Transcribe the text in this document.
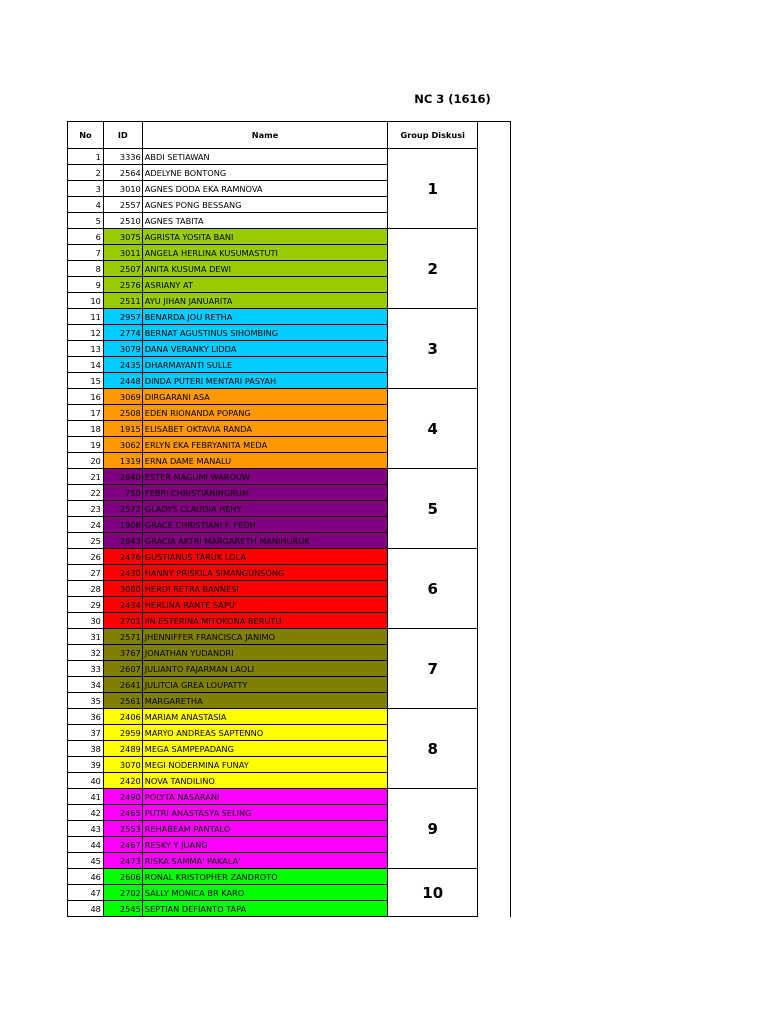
NC 3 (1616)
No	ID	Name	Group Diskusi	
1	3336	ABDI SETIAWAN	1	
2	2564	ADELYNE BONTONG		
3	3010	AGNES DODA EKA RAMNOVA		
4	2557	AGNES PONG BESSANG		
5	2510	AGNES TABITA		
6	3075	AGRISTA YOSITA BANI	2	
7	3011	ANGELA HERLINA KUSUMASTUTI		
8	2507	ANITA KUSUMA DEWI		
9	2576	ASRIANY AT		
10	2511	AYU JIHAN JANUARITA		
11	2957	BENARDA JOU RETHA	3	
12	2774	BERNAT AGUSTINUS SIHOMBING		
13	3079	DANA VERANKY LIDDA		
14	2435	DHARMAYANTI SULLE		
15	2448	DINDA PUTERI MENTARI PASYAH		
16	3069	DIRGARANI ASA	4	
17	2508	EDEN RIONANDA POPANG		
18	1915	ELISABET OKTAVIA RANDA		
19	3062	ERLYN EKA FEBRYANITA MEDA		
20	1319	ERNA DAME MANALU		
21	2640	ESTER MAGUMI WAROUW	5	
22	750	FEBRI CHRISTIANINGRUM		
23	2572	GLADYS CLAUDIA HEHY		
24	1908	GRACE CHRISTIANI F. FEOH		
25	2643	GRACIA AKTRI MARGARETH MANIHURUK		
26	2476	GUSTIANUS TARUK LOLA	6	
27	2430	HANNY PRISKILA SIMANGUNSONG		
28	3080	HERDI RETRA BANNESI		
29	2434	HERLINA RANTE SAPU'		
30	2701	IIN ESTERINA MITOKONA BERUTU		
31	2571	JHENNIFFER FRANCISCA JANIMO	7	
32	3767	JONATHAN YUDANDRI		
33	2607	JULIANTO FAJARMAN LAOLI		
34	2641	JULITCIA GREA LOUPATTY		
35	2561	MARGARETHA		
36	2406	MARIAM ANASTASIA	8	
37	2959	MARYO ANDREAS SAPTENNO		
38	2489	MEGA SAMPEPADANG		
39	3070	MEGI NODERMINA FUNAY		
40	2420	NOVA TANDILINO		
41	2490	POLYTA NASARANI	9	
42	2465	PUTRI ANASTASYA SELING		
43	2553	REHABEAM PANTALO		
44	2467	RESKY Y JUANG		
45	2473	RISKA SAMMA' PAKALA'		
46	2606	RONAL KRISTOPHER ZANDROTO	10	
47	2702	SALLY MONICA BR KARO		
48	2545	SEPTIAN DEFIANTO TAPA		
